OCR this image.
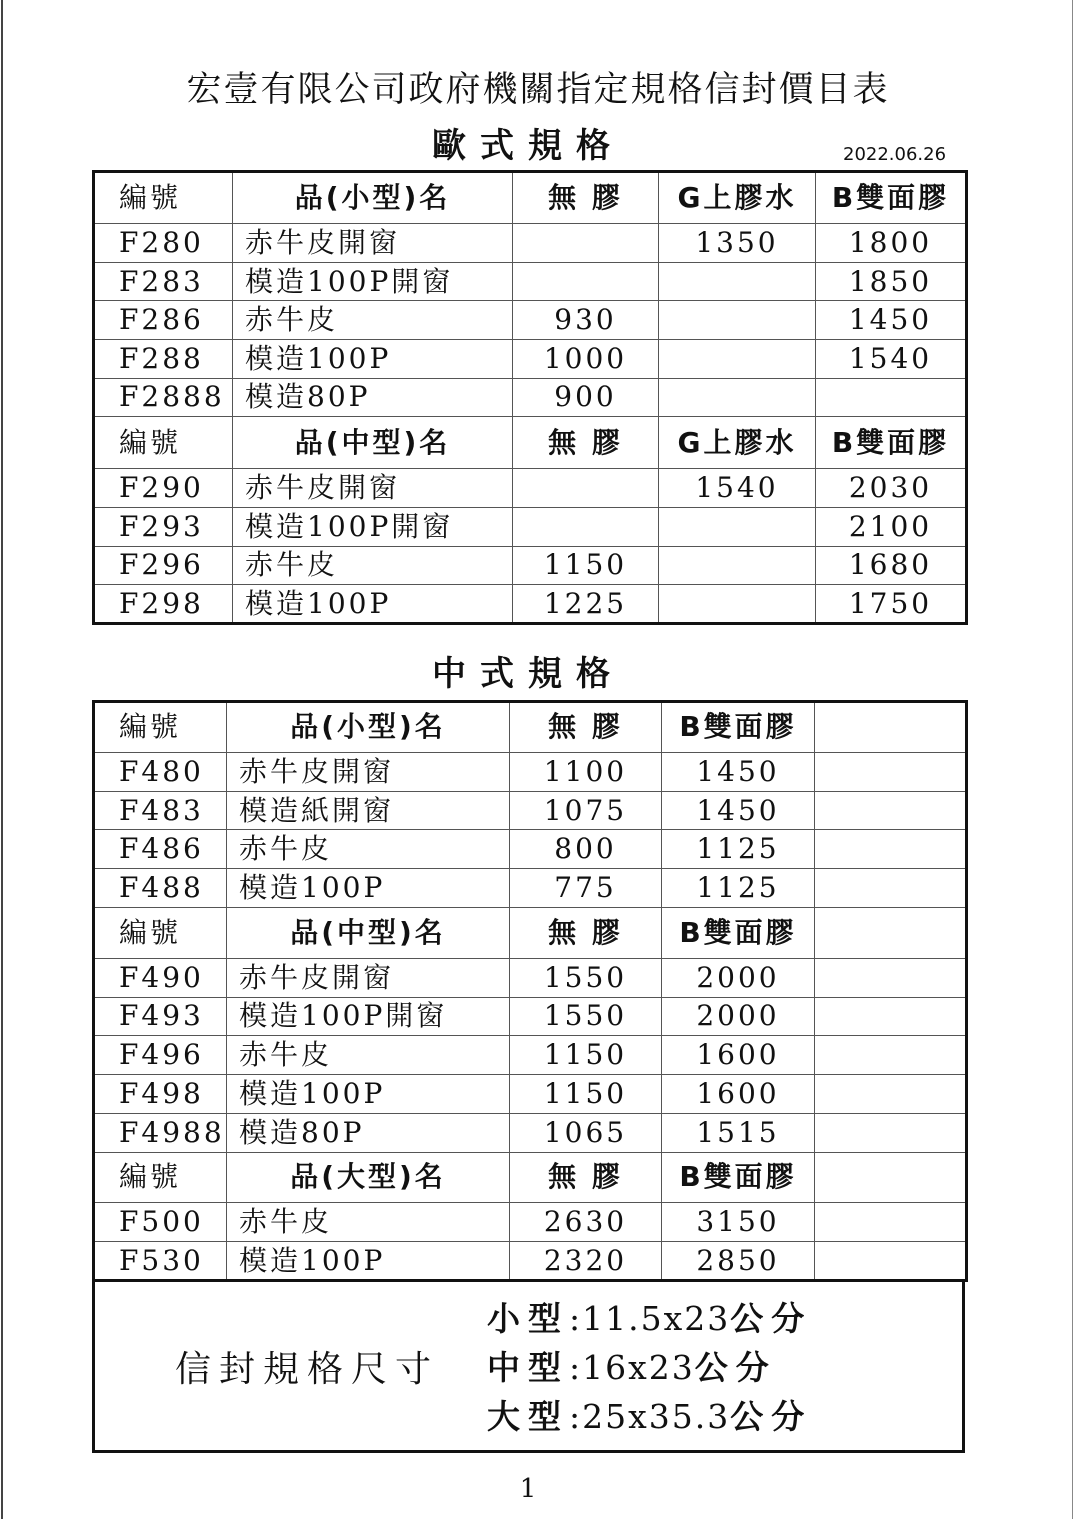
宏壹有限公司政府機關指定規格信封價目表
歐式規格	2022.06.26
編號	品(小型)名	無 膠	G上膠水	B雙面膠
F280	赤牛皮開窗		1350	1800
F283	模造100P開窗			1850
F286	赤牛皮	930		1450
F288	模造100P	1000		1540
F2888	模造80P	900		
編號	品(中型)名	無 膠	G上膠水	B雙面膠
F290	赤牛皮開窗		1540	2030
F293	模造100P開窗			2100
F296	赤牛皮	1150		1680
F298	模造100P	1225		1750
中式規格
編號	品(小型)名	無 膠	B雙面膠	
F480	赤牛皮開窗	1100	1450	
F483	模造紙開窗	1075	1450	
F486	赤牛皮	800	1125	
F488	模造100P	775	1125	
編號	品(中型)名	無 膠	B雙面膠	
F490	赤牛皮開窗	1550	2000	
F493	模造100P開窗	1550	2000	
F496	赤牛皮	1150	1600	
F498	模造100P	1150	1600	
F4988	模造80P	1065	1515	
編號	品(大型)名	無 膠	B雙面膠	
F500	赤牛皮	2630	3150	
F530	模造100P	2320	2850	
信封規格尺寸
小型:11.5x23公分
中型:16x23公分
大型:25x35.3公分
1
